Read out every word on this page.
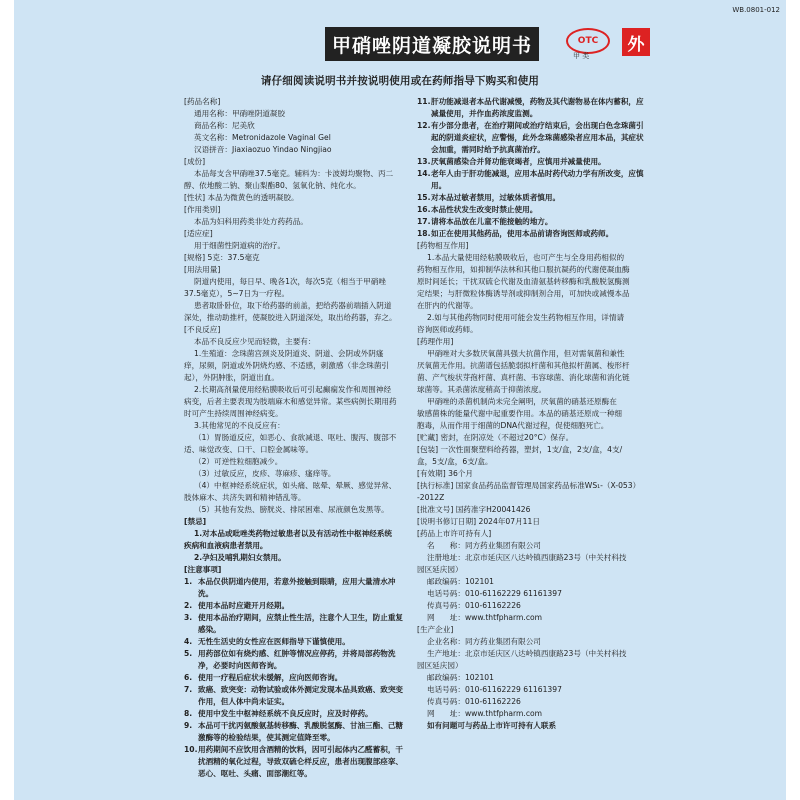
WB.0801-012
甲硝唑阴道凝胶说明书	OTC
甲 类
外
请仔细阅读说明书并按说明使用或在药师指导下购买和使用
[药品名称]
通用名称：甲硝唑阴道凝胶
商品名称：尼美欣
英文名称：Metronidazole Vaginal Gel
汉语拼音：Jiaxiaozuo Yindao Ningjiao
[成份]
本品每支含甲硝唑37.5毫克。辅料为：卡波姆均聚物、丙二
醇、依地酸二钠、聚山梨酯80、氢氧化钠、纯化水。
[性状] 本品为微黄色的透明凝胶。
[作用类别]
本品为妇科用药类非处方药药品。
[适应症]
用于细菌性阴道病的治疗。
[规格] 5克：37.5毫克
[用法用量]
阴道内使用，每日早、晚各1次，每次5克（相当于甲硝唑
37.5毫克），5~7日为一疗程。
患者取卧卧位，取下给药器的前盖，把给药器前端插入阴道
深处，推动助推杆，使凝胶进入阴道深处，取出给药器，弃之。
[不良反应]
本品不良反应少见而轻微，主要有：
1.生殖道：念珠菌宫颈炎及阴道炎、阴道、会阴或外阴瘙
痒，尿频，阴道或外阴烧灼感、不适感，刺激感（非念珠菌引
起），外阴肿胀，阴道出血。
2.长期高剂量使用经粘膜吸收后可引起癫痫发作和周围神经
病变，后者主要表现为肢端麻木和感觉异常。某些病例长期用药
时可产生持续周围神经病变。
3.其他常见的不良反应有：
（1）胃肠道反应，如恶心、食欲减退、呕吐、腹泻、腹部不
适、味觉改变、口干、口腔金属味等。
（2）可逆性粒细胞减少。
（3）过敏反应，皮疹、荨麻疹、瘙痒等。
（4）中枢神经系统症状，如头痛、眩晕、晕厥、感觉异常、
肢体麻木、共济失调和精神错乱等。
（5）其他有发热、膀胱炎、排尿困难、尿液颜色发黑等。
[禁忌]
1.对本品或吡唑类药物过敏患者以及有活动性中枢神经系统
疾病和血液病患者禁用。
2.孕妇及哺乳期妇女禁用。
[注意事项]
1. 本品仅供阴道内使用，若意外接触到眼睛，应用大量清水冲洗。
2. 使用本品时应避开月经期。
3. 使用本品治疗期间，应禁止性生活，注意个人卫生，防止重复感染。
4. 无性生活史的女性应在医师指导下谨慎使用。
5. 用药部位如有烧灼感、红肿等情况应停药，并将局部药物洗净，必要时向医师咨询。
6. 使用一疗程后症状未缓解，应向医师咨询。
7. 致癌、致突变：动物试验或体外测定发现本品具致癌、致突变作用，但人体中尚未证实。
8. 使用中发生中枢神经系统不良反应时，应及时停药。
9. 本品可干扰丙氨酸氨基转移酶、乳酸脱氢酶、甘油三酯、己糖激酶等的检验结果，使其测定值降至零。
10. 用药期间不应饮用含酒精的饮料，因可引起体内乙醛蓄积，干扰酒精的氧化过程，导致双硫仑样反应，患者出现腹部痉挛、恶心、呕吐、头痛、面部潮红等。
11. 肝功能减退者本品代谢减慢，药物及其代谢物易在体内蓄积，应减量使用，并作血药浓度监测。
12. 有少部分患者，在治疗期间或治疗结束后，会出现白色念珠菌引起的阴道炎症状，应警惕，此外念珠菌感染者应用本品，其症状会加重，需同时给予抗真菌治疗。
13. 厌氧菌感染合并肾功能衰竭者，应慎用并减量使用。
14. 老年人由于肝功能减退，应用本品时药代动力学有所改变，应慎用。
15. 对本品过敏者禁用，过敏体质者慎用。
16. 本品性状发生改变时禁止使用。
17. 请将本品放在儿童不能接触的地方。
18. 如正在使用其他药品，使用本品前请咨询医师或药师。
[药物相互作用]
1.本品大量使用经粘膜吸收后，也可产生与全身用药相似的
药物相互作用，如抑制华法林和其他口服抗凝药的代谢使凝血酶
原时间延长；干扰双硫仑代谢及血清氨基转移酶和乳酸脱氢酶测
定结果；与肝微粒体酶诱导剂或抑制剂合用，可加快或减慢本品
在肝内的代谢等。
2.如与其他药物同时使用可能会发生药物相互作用，详情请
咨询医师或药师。
[药理作用]
甲硝唑对大多数厌氧菌具强大抗菌作用，但对需氧菌和兼性
厌氧菌无作用。抗菌谱包括脆弱拟杆菌和其他拟杆菌属、梭形杆
菌、产气梭状芽孢杆菌、真杆菌、韦容球菌、消化球菌和消化链
球菌等。其杀菌浓度稍高于抑菌浓度。
甲硝唑的杀菌机制尚未完全阐明，厌氧菌的硝基还原酶在
敏感菌株的能量代谢中起重要作用。本品的硝基还原成一种细
胞毒，从而作用于细菌的DNA代谢过程，促使细胞死亡。
[贮藏] 密封，在阴凉处（不超过20°C）保存。
[包装] 一次性面聚塑料给药器，塑封，1支/盒，2支/盒，4支/
盒，5支/盒，6支/盒。
[有效期] 36个月
[执行标准] 国家食品药品监督管理局国家药品标准WS₁-（X-053）
-2012Z
[批准文号] 国药准字H20041426
[说明书修订日期] 2024年07月11日
[药品上市许可持有人]
名　　称：同方药业集团有限公司
注册地址：北京市延庆区八达岭镇西康路23号（中关村科技
园区延庆园）
邮政编码：102101
电话号码：010-61162229 61161397
传真号码：010-61162226
网　　址：www.thtfpharm.com
[生产企业]
企业名称：同方药业集团有限公司
生产地址：北京市延庆区八达岭镇西康路23号（中关村科技
园区延庆园）
邮政编码：102101
电话号码：010-61162229 61161397
传真号码：010-61162226
网　　址：www.thtfpharm.com
如有问题可与药品上市许可持有人联系
